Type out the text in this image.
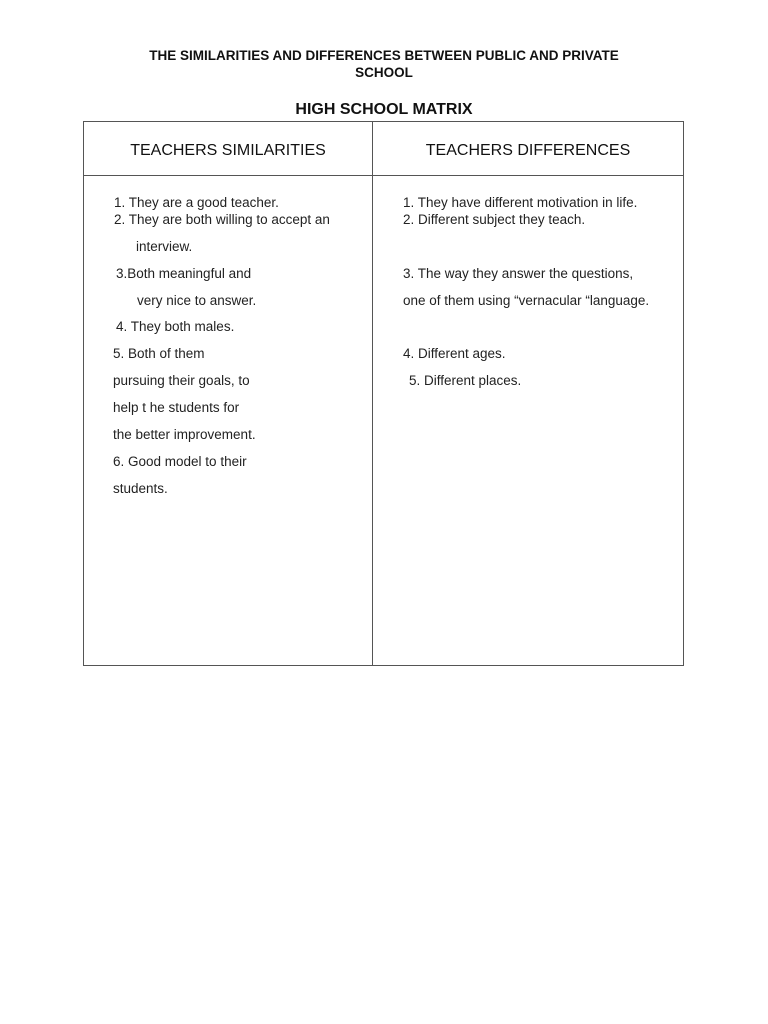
THE SIMILARITIES AND DIFFERENCES BETWEEN PUBLIC AND PRIVATE
SCHOOL
HIGH SCHOOL MATRIX
TEACHERS SIMILARITIES	TEACHERS DIFFERENCES
1. They are a good teacher.
2. They are both willing to accept an
interview.
3.Both meaningful and
very nice to answer.
4. They both males.
5. Both of them
pursuing their goals, to
help t he students for
the better improvement.
6. Good model to their
students.
1. They have different motivation in life.
2. Different subject they teach.
3. The way they answer the questions,
one of them using “vernacular “language.
4. Different ages.
5. Different places.
